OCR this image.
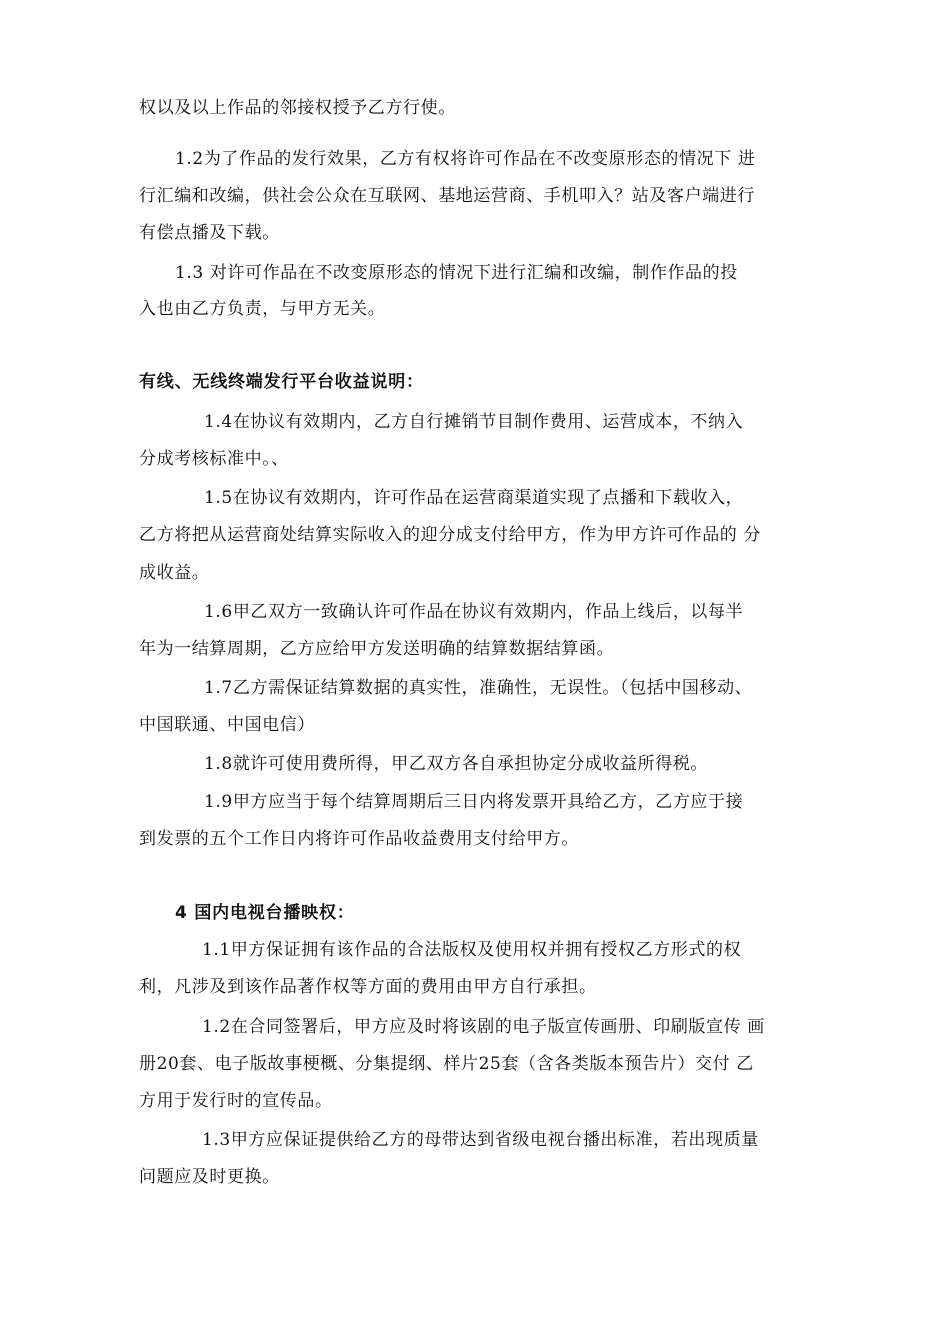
权以及以上作品的邻接权授予乙方行使。
1.2为了作品的发行效果，乙方有权将许可作品在不改变原形态的情况下 进
行汇编和改编，供社会公众在互联网、基地运营商、手机叩入？站及客户端进行
有偿点播及下载。
1.3 对许可作品在不改变原形态的情况下进行汇编和改编，制作作品的投
入也由乙方负责，与甲方无关。
有线、无线终端发行平台收益说明：
1.4在协议有效期内，乙方自行摊销节目制作费用、运营成本，不纳入
分成考核标准中。、
1.5在协议有效期内，许可作品在运营商渠道实现了点播和下载收入，
乙方将把从运营商处结算实际收入的迎分成支付给甲方，作为甲方许可作品的 分
成收益。
1.6甲乙双方一致确认许可作品在协议有效期内，作品上线后，以每半
年为一结算周期，乙方应给甲方发送明确的结算数据结算函。
1.7乙方需保证结算数据的真实性，准确性，无误性。（包括中国移动、
中国联通、中国电信）
1.8就许可使用费所得，甲乙双方各自承担协定分成收益所得税。
1.9甲方应当于每个结算周期后三日内将发票开具给乙方，乙方应于接
到发票的五个工作日内将许可作品收益费用支付给甲方。
4 国内电视台播映权：
1.1甲方保证拥有该作品的合法版权及使用权并拥有授权乙方形式的权
利，凡涉及到该作品著作权等方面的费用由甲方自行承担。
1.2在合同签署后，甲方应及时将该剧的电子版宣传画册、印刷版宣传 画
册20套、电子版故事梗概、分集提纲、样片25套（含各类版本预告片）交付 乙
方用于发行时的宣传品。
1.3甲方应保证提供给乙方的母带达到省级电视台播出标准，若出现质量
问题应及时更换。
